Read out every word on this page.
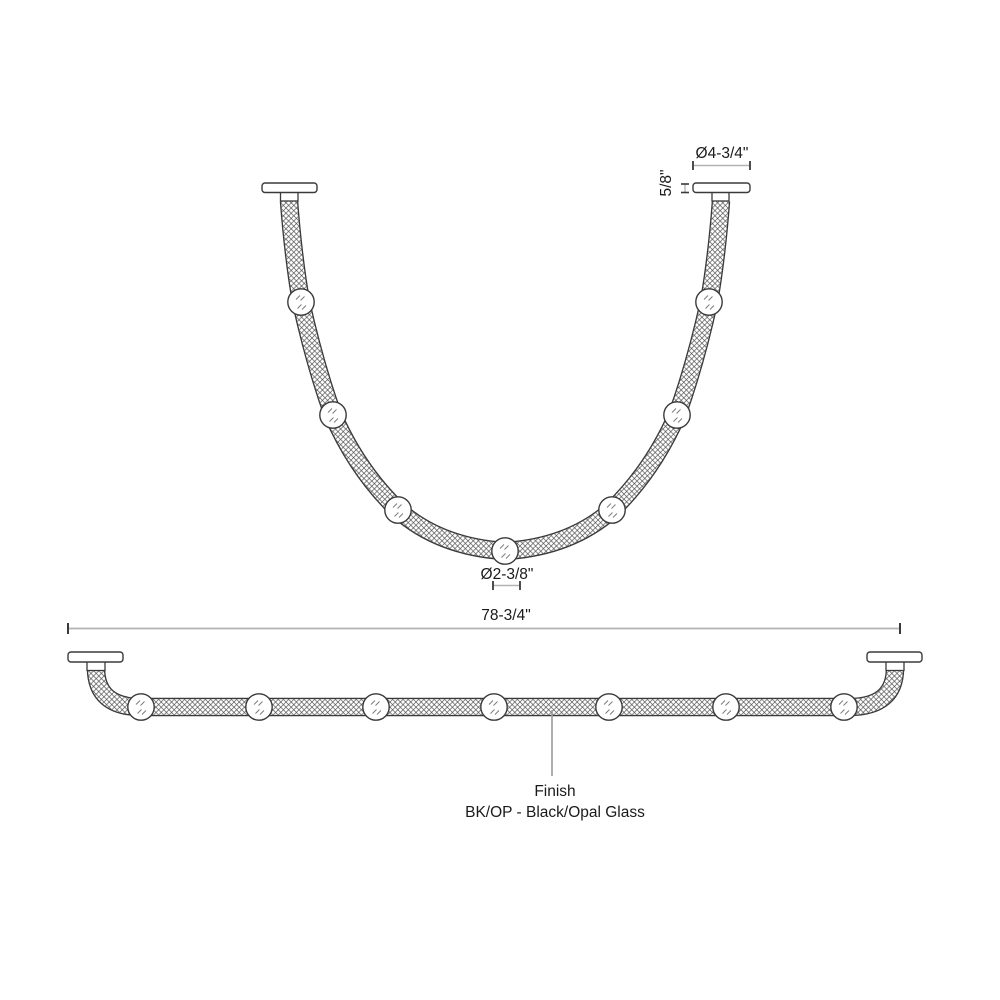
Ø4-3/4"
5/8"
Ø2-3/8"
78-3/4"
Finish
BK/OP - Black/Opal Glass
